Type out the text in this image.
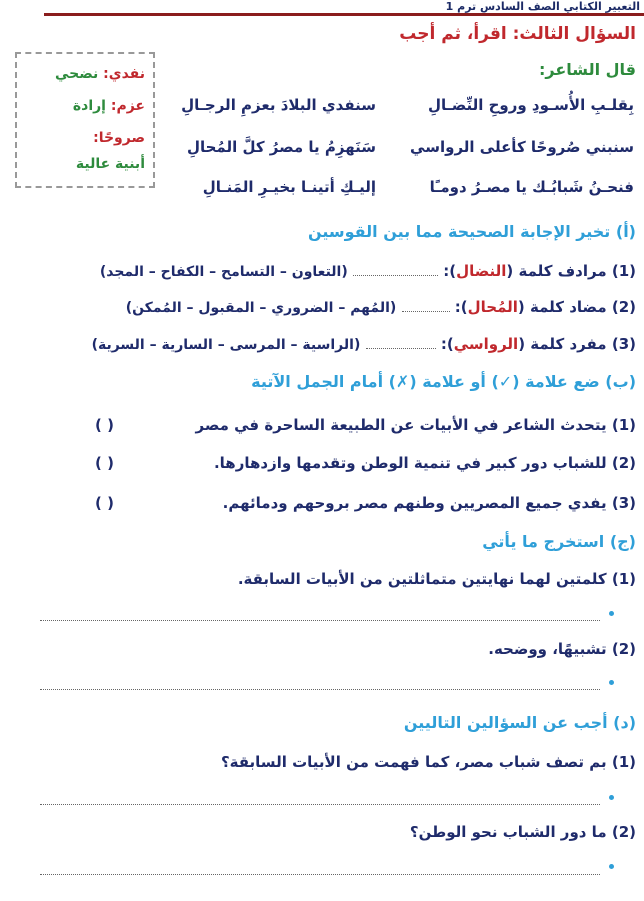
التعبير الكتابي الصف السادس ترم 1
السؤال الثالث: اقرأ، ثم أجب
قال الشاعر:
بِقلـبِ الأُسـودِ وروحِ النِّضـالِ
سنفدي البلادَ بعزمِ الرجـالِ
سنبني صُروحًا كأعلى الرواسي
سَنَهزِمُ يا مصرُ كلَّ المُحالِ
فنحـنُ شَبابُـك يا مصـرُ دومـًا
إليـكِ أتينـا بخيـرِ المَنـالِ
نفدي: نضحي
عزم: إرادة
صروحًا:
أبنية عالية
(أ) تخير الإجابة الصحيحة مما بين القوسين
(1) مرادف كلمة (النضال):  (التعاون – التسامح – الكفاح – المجد)
(2) مضاد كلمة (المُحال):  (المُهم – الضروري – المقبول – المُمكن)
(3) مفرد كلمة (الرواسي):  (الراسية – المرسى – السارية – السرية)
(ب) ضع علامة (✓) أو علامة (✗) أمام الجمل الآتية
(1) يتحدث الشاعر في الأبيات عن الطبيعة الساحرة في مصر
( )
(2) للشباب دور كبير في تنمية الوطن وتقدمها وازدهارها.
( )
(3) يفدي جميع المصريين وطنهم مصر بروحهم ودمائهم.
( )
(ج) استخرج ما يأتي
(1) كلمتين لهما نهايتين متماثلتين من الأبيات السابقة.
(2) تشبيهًا، ووضحه.
(د) أجب عن السؤالين التاليين
(1) بم تصف شباب مصر، كما فهمت من الأبيات السابقة؟
(2) ما دور الشباب نحو الوطن؟
